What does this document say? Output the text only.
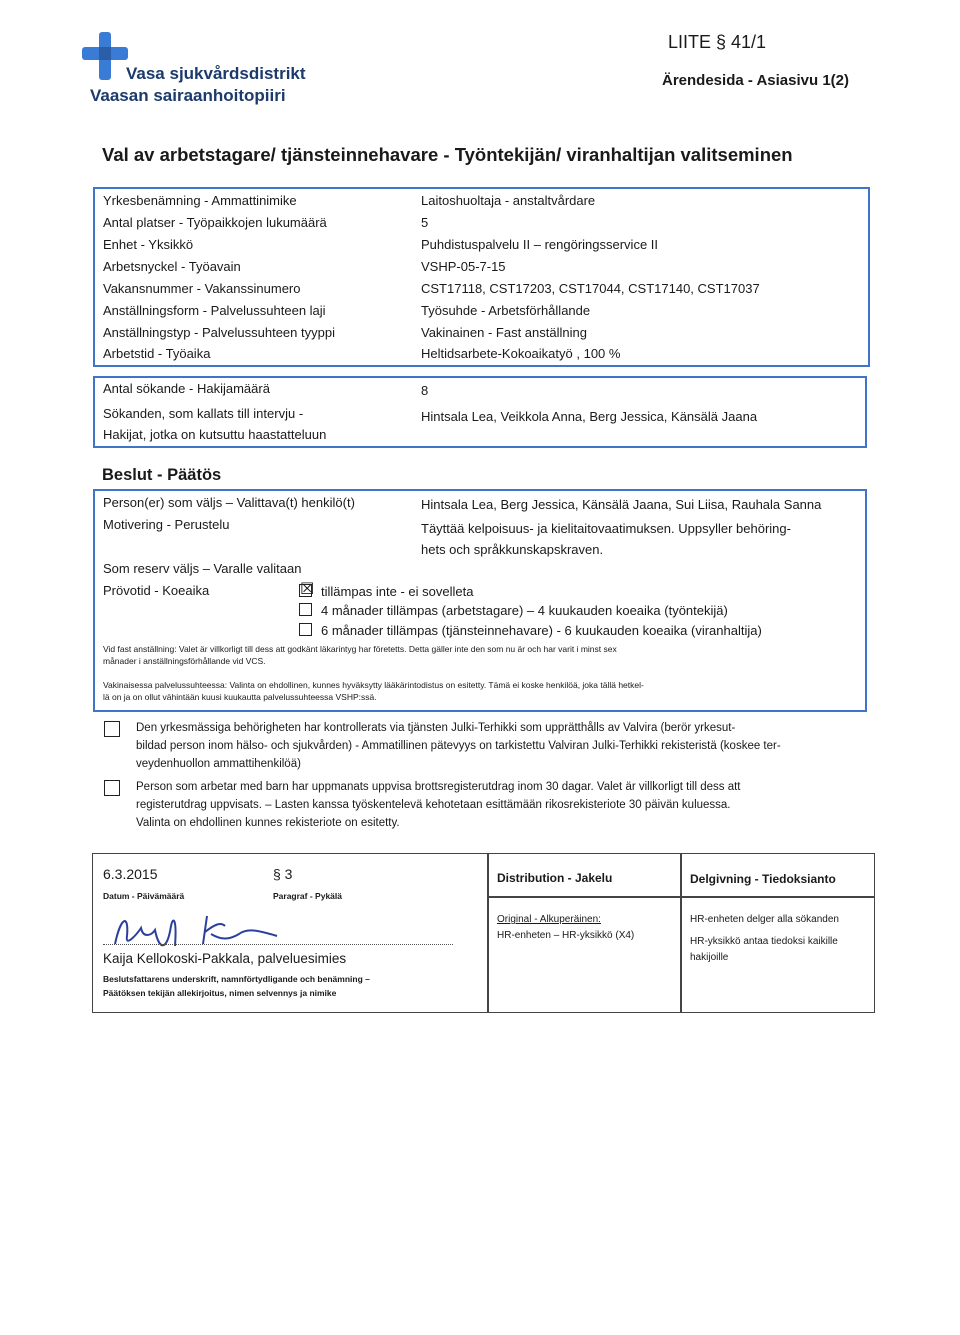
Vasa sjukvårdsdistrikt
Vaasan sairaanhoitopiiri
LIITE § 41/1
Ärendesida - Asiasivu 1(2)
Val av arbetstagare/ tjänsteinnehavare - Työntekijän/ viranhaltijan valitseminen
Yrkesbenämning - Ammattinimike	Laitoshuoltaja - anstaltvårdare
Antal platser - Työpaikkojen lukumäärä	5
Enhet - Yksikkö	Puhdistuspalvelu II – rengöringsservice II
Arbetsnyckel - Työavain	VSHP-05-7-15
Vakansnummer - Vakanssinumero	CST17118, CST17203, CST17044, CST17140, CST17037
Anställningsform - Palvelussuhteen laji	Työsuhde - Arbetsförhållande
Anställningstyp - Palvelussuhteen tyyppi	Vakinainen - Fast anställning
Arbetstid - Työaika	Heltidsarbete-Kokoaikatyö , 100 %
Antal sökande - Hakijamäärä	8
Sökanden, som kallats till intervju -
Hakijat, jotka on kutsuttu haastatteluun
Hintsala Lea, Veikkola Anna, Berg Jessica, Känsälä Jaana
Beslut - Päätös
Person(er) som väljs – Valittava(t) henkilö(t)	Hintsala Lea, Berg Jessica, Känsälä Jaana, Sui Liisa, Rauhala Sanna
Motivering - Perustelu	Täyttää kelpoisuus- ja kielitaitovaatimuksen. Uppsyller behöring-
hets och språkkunskapskraven.
Som reserv väljs – Varalle valitaan
Prövotid - Koeaika	☒ tillämpas inte - ei sovelleta
4 månader tillämpas (arbetstagare) – 4 kuukauden koeaika (työntekijä)
6 månader tillämpas (tjänsteinnehavare) - 6 kuukauden koeaika (viranhaltija)
Vid fast anställning: Valet är villkorligt till dess att godkänt läkarintyg har företetts. Detta gäller inte den som nu är och har varit i minst sex
månader i anställningsförhållande vid VCS.
Vakinaisessa palvelussuhteessa: Valinta on ehdollinen, kunnes hyväksytty lääkärintodistus on esitetty. Tämä ei koske henkilöä, joka tällä hetkel-
lä on ja on ollut vähintään kuusi kuukautta palvelussuhteessa VSHP:ssä.
Den yrkesmässiga behörigheten har kontrollerats via tjänsten Julki-Terhikki som upprätthålls av Valvira (berör yrkesut-
bildad person inom hälso- och sjukvården) - Ammatillinen pätevyys on tarkistettu Valviran Julki-Terhikki rekisteristä (koskee ter-
veydenhuollon ammattihenkilöä)
Person som arbetar med barn har uppmanats uppvisa brottsregisterutdrag inom 30 dagar. Valet är villkorligt till dess att
registerutdrag uppvisats. – Lasten kanssa työskentelevä kehotetaan esittämään rikosrekisteriote 30 päivän kuluessa.
Valinta on ehdollinen kunnes rekisteriote on esitetty.
6.3.2015
Datum - Päivämäärä
§ 3
Paragraf - Pykälä
Kaija Kellokoski-Pakkala, palveluesimies
Beslutsfattarens underskrift, namnförtydligande och benämning –
Päätöksen tekijän allekirjoitus, nimen selvennys ja nimike
Distribution - Jakelu
Original - Alkuperäinen:
HR-enheten – HR-yksikkö (X4)
Delgivning - Tiedoksianto
HR-enheten delger alla sökanden
HR-yksikkö antaa tiedoksi kaikille
hakijoille
